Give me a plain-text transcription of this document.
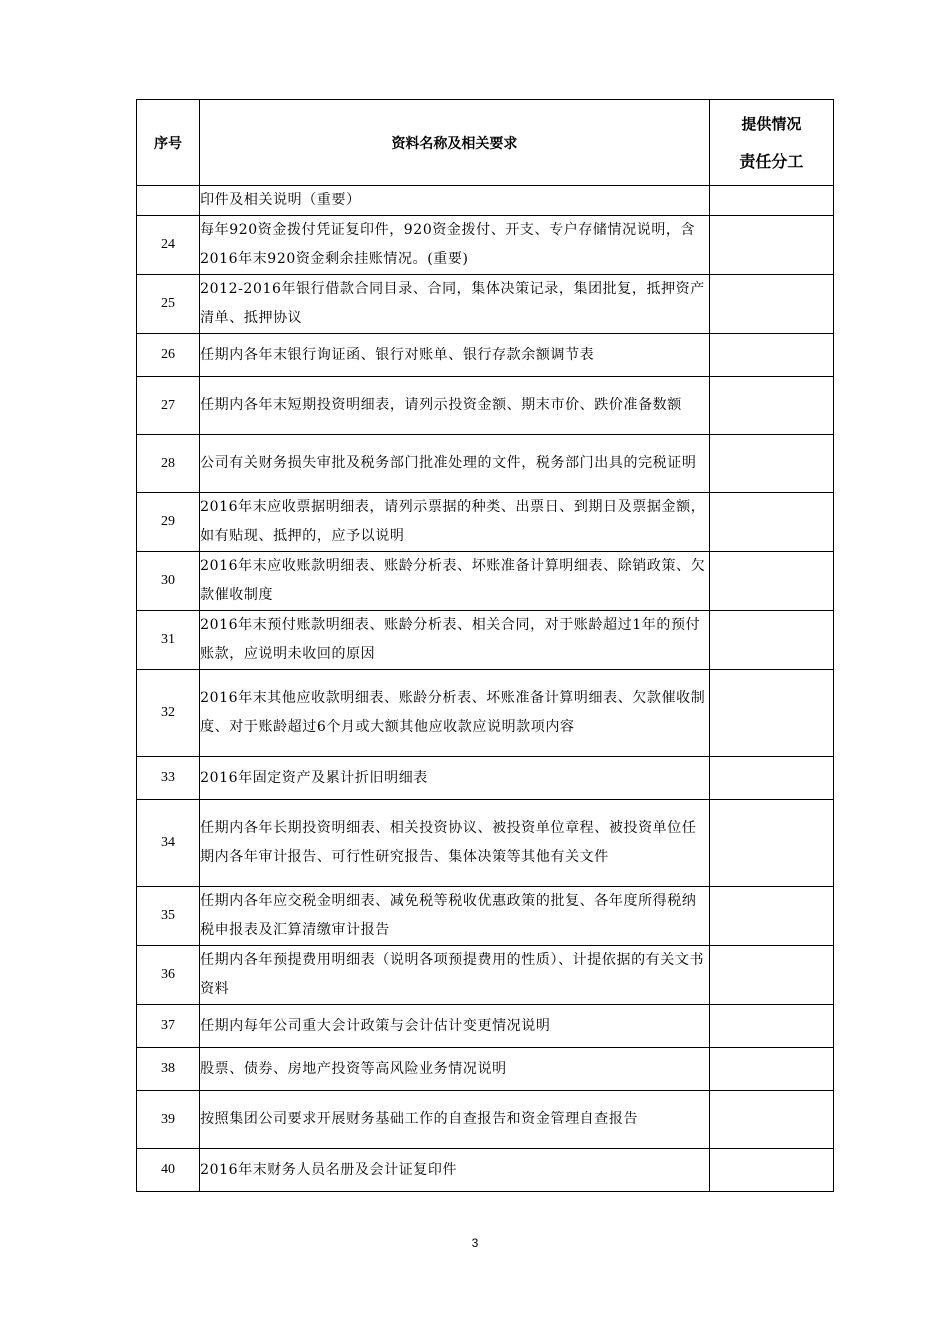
序号	资料名称及相关要求	提供情况
责任分工

	印件及相关说明（重要）	
24	每年920资金拨付凭证复印件，920资金拨付、开支、专户存储情况说明，含2016年末920资金剩余挂账情况。(重要)	
25	2012-2016年银行借款合同目录、合同，集体决策记录，集团批复，抵押资产清单、抵押协议	
26	任期内各年末银行询证函、银行对账单、银行存款余额调节表	
27	任期内各年末短期投资明细表，请列示投资金额、期末市价、跌价准备数额	
28	公司有关财务损失审批及税务部门批准处理的文件，税务部门出具的完税证明	
29	2016年末应收票据明细表，请列示票据的种类、出票日、到期日及票据金额，如有贴现、抵押的，应予以说明	
30	2016年末应收账款明细表、账龄分析表、坏账准备计算明细表、除销政策、欠款催收制度	
31	2016年末预付账款明细表、账龄分析表、相关合同，对于账龄超过1年的预付账款，应说明未收回的原因	
32	2016年末其他应收款明细表、账龄分析表、坏账准备计算明细表、欠款催收制度、对于账龄超过6个月或大额其他应收款应说明款项内容	
33	2016年固定资产及累计折旧明细表	
34	任期内各年长期投资明细表、相关投资协议、被投资单位章程、被投资单位任期内各年审计报告、可行性研究报告、集体决策等其他有关文件	
35	任期内各年应交税金明细表、减免税等税收优惠政策的批复、各年度所得税纳税申报表及汇算清缴审计报告	
36	任期内各年预提费用明细表（说明各项预提费用的性质）、计提依据的有关文书资料	
37	任期内每年公司重大会计政策与会计估计变更情况说明	
38	股票、债券、房地产投资等高风险业务情况说明	
39	按照集团公司要求开展财务基础工作的自查报告和资金管理自查报告	
40	2016年末财务人员名册及会计证复印件	
3
